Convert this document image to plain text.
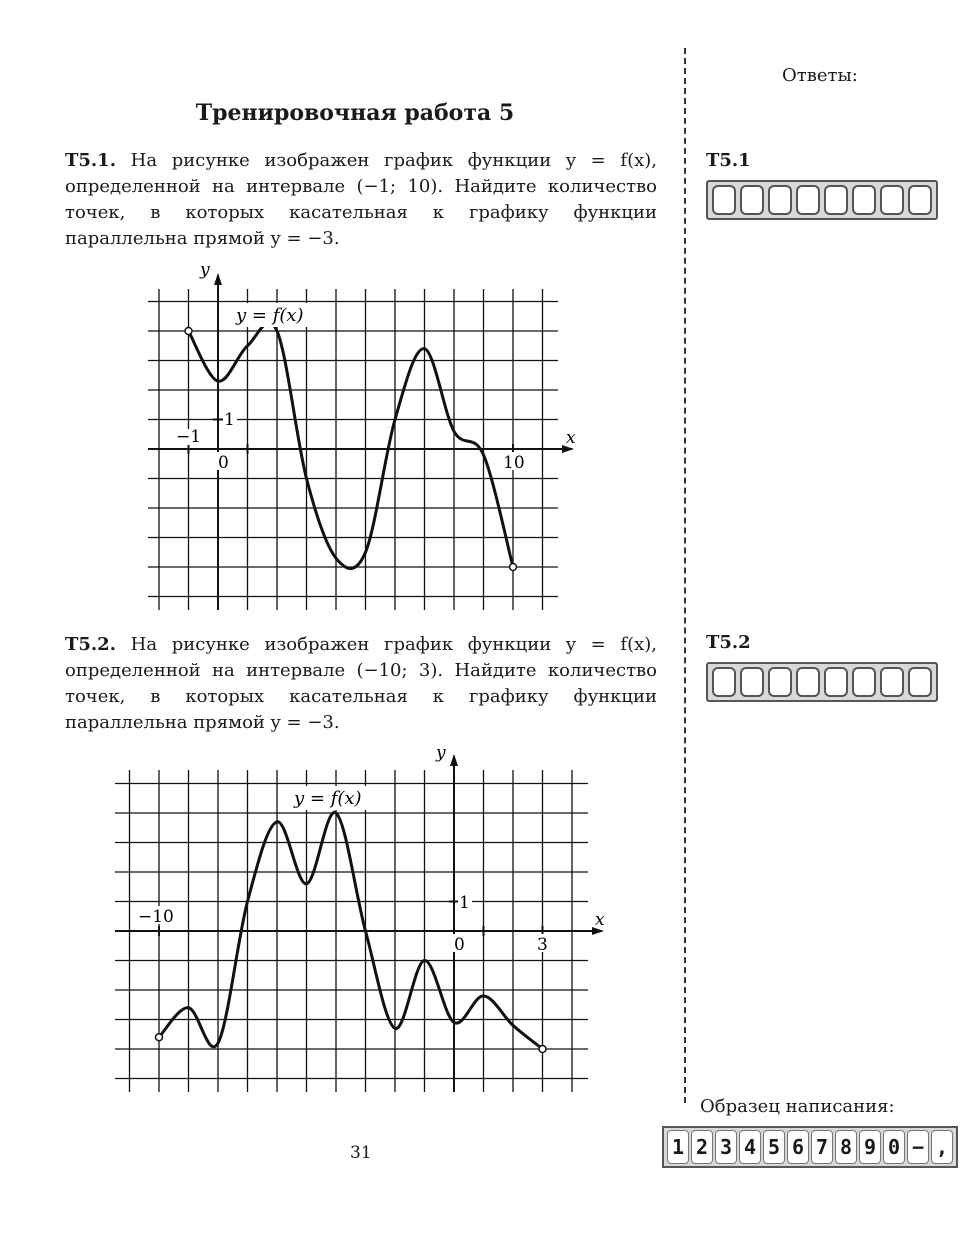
Тренировочная работа 5
T5.1. На рисунке изображен график функции y = f(x), определенной на интервале (−1; 10). Найдите количество точек, в которых касательная к графику функции параллельна прямой y = −3.
y = f(x)
y
x
−1
0	10
1
T5.2. На рисунке изображен график функции y = f(x), определенной на интервале (−10; 3). Найдите количество точек, в которых касательная к графику функции параллельна прямой y = −3.
y = f(x)
y
x
−10
0	3
1
Ответы:
T5.1
T5.2
Образец написания:
1 2 3 4 5 6 7 8 9 0 − ,
31
